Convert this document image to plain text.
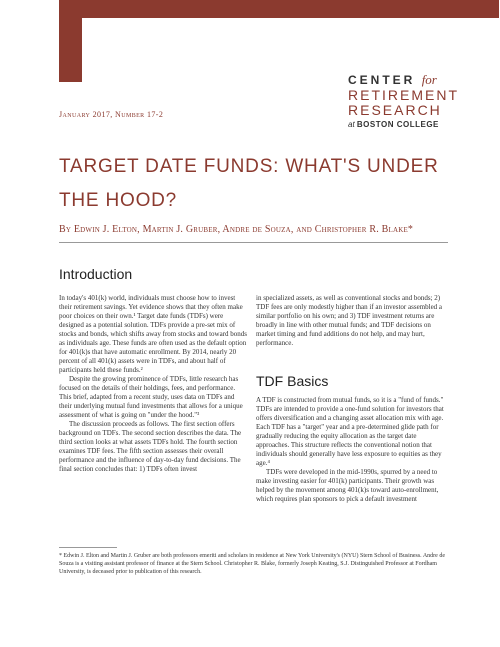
CENTER for
RETIREMENT
RESEARCH
at BOSTON COLLEGE
January 2017, Number 17-2
TARGET DATE FUNDS: WHAT'S UNDER THE HOOD?
By Edwin J. Elton, Martin J. Gruber, Andre de Souza, and Christopher R. Blake*
Introduction

In today's 401(k) world, individuals must choose how to invest their retirement savings. Yet evidence shows that they often make poor choices on their own.¹ Target date funds (TDFs) were designed as a potential solution. TDFs provide a pre-set mix of stocks and bonds, which shifts away from stocks and toward bonds as individuals age. These funds are often used as the default option for 401(k)s that have automatic enrollment. By 2014, nearly 20 percent of all 401(k) assets were in TDFs, and about half of participants held these funds.²

Despite the growing prominence of TDFs, little research has focused on the details of their holdings, fees, and performance. This brief, adapted from a recent study, uses data on TDFs and their underlying mutual fund investments that allows for a unique assessment of what is going on "under the hood."³

The discussion proceeds as follows. The first section offers background on TDFs. The second section describes the data. The third section looks at what assets TDFs hold. The fourth section examines TDF fees. The fifth section assesses their overall performance and the influence of day-to-day fund decisions. The final section concludes that: 1) TDFs often invest

in specialized assets, as well as conventional stocks and bonds; 2) TDF fees are only modestly higher than if an investor assembled a similar portfolio on his own; and 3) TDF investment returns are broadly in line with other mutual funds; and TDF decisions on market timing and fund additions do not help, and may hurt, performance.

TDF Basics

A TDF is constructed from mutual funds, so it is a "fund of funds." TDFs are intended to provide a one-fund solution for investors that offers diversification and a changing asset allocation mix with age. Each TDF has a "target" year and a pre-determined glide path for gradually reducing the equity allocation as the target date approaches. This structure reflects the conventional notion that individuals should generally have less exposure to equities as they age.⁴

TDFs were developed in the mid-1990s, spurred by a need to make investing easier for 401(k) participants. Their growth was helped by the movement among 401(k)s toward auto-enrollment, which requires plan sponsors to pick a default investment

* Edwin J. Elton and Martin J. Gruber are both professors emeriti and scholars in residence at New York University's (NYU) Stern School of Business. Andre de Souza is a visiting assistant professor of finance at the Stern School. Christopher R. Blake, formerly Joseph Keating, S.J. Distinguished Professor at Fordham University, is deceased prior to publication of this research.
